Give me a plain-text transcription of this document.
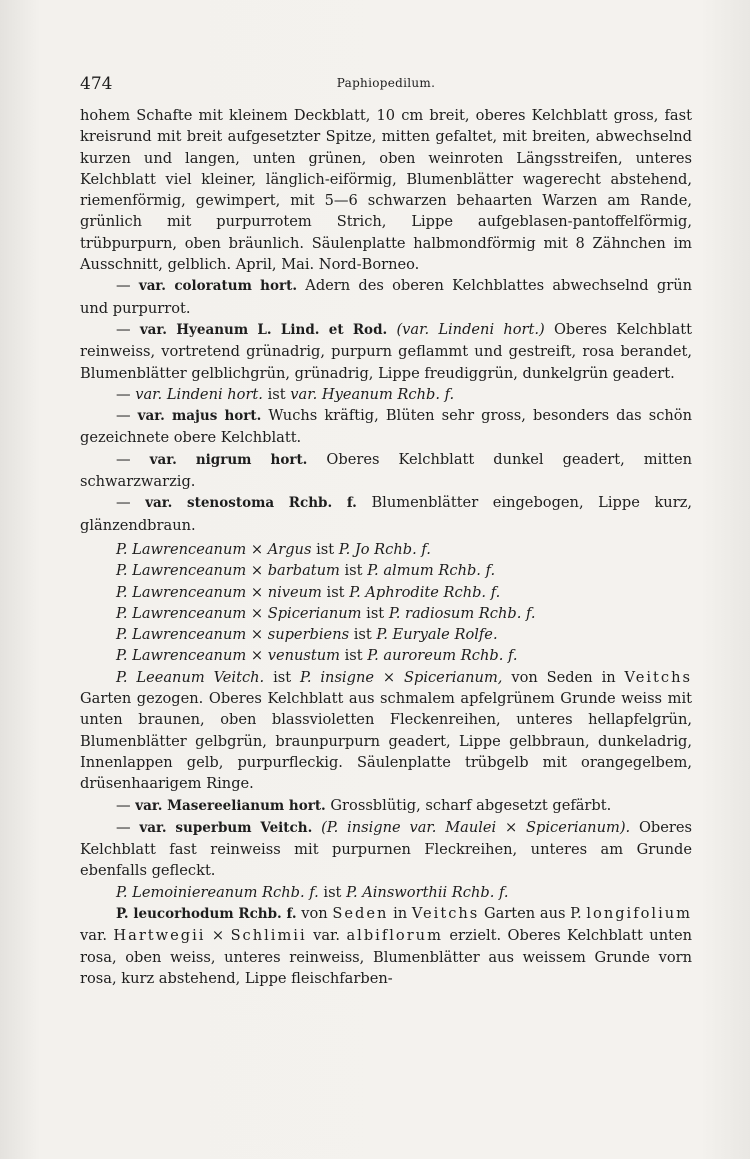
474	Paphiopedilum.

hohem Schafte mit kleinem Deckblatt, 10 cm breit, oberes Kelchblatt gross, fast kreisrund mit breit aufgesetzter Spitze, mitten gefaltet, mit breiten, abwechselnd kurzen und langen, unten grünen, oben weinroten Längsstreifen, unteres Kelchblatt viel kleiner, länglich-eiförmig, Blumenblätter wagerecht abstehend, riemenförmig, gewimpert, mit 5—6 schwarzen behaarten Warzen am Rande, grünlich mit purpurrotem Strich, Lippe aufgeblasen-pantoffelförmig, trübpurpurn, oben bräunlich. Säulenplatte halbmondförmig mit 8 Zähnchen im Ausschnitt, gelblich. April, Mai. Nord-Borneo.

— var. coloratum hort. Adern des oberen Kelchblattes abwechselnd grün und purpurrot.

— var. Hyeanum L. Lind. et Rod. (var. Lindeni hort.) Oberes Kelchblatt reinweiss, vortretend grünadrig, purpurn geflammt und gestreift, rosa berandet, Blumenblätter gelblichgrün, grünadrig, Lippe freudiggrün, dunkelgrün geadert.

— var. Lindeni hort. ist var. Hyeanum Rchb. f.

— var. majus hort. Wuchs kräftig, Blüten sehr gross, besonders das schön gezeichnete obere Kelchblatt.

— var. nigrum hort. Oberes Kelchblatt dunkel geadert, mitten schwarzwarzig.

— var. stenostoma Rchb. f. Blumenblätter eingebogen, Lippe kurz, glänzendbraun.

P. Lawrenceanum × Argus ist P. Jo Rchb. f.

P. Lawrenceanum × barbatum ist P. almum Rchb. f.

P. Lawrenceanum × niveum ist P. Aphrodite Rchb. f.

P. Lawrenceanum × Spicerianum ist P. radiosum Rchb. f.

P. Lawrenceanum × superbiens ist P. Euryale Rolfe.

P. Lawrenceanum × venustum ist P. auroreum Rchb. f.

P. Leeanum Veitch. ist P. insigne × Spicerianum, von Seden in Veitchs Garten gezogen. Oberes Kelchblatt aus schmalem apfelgrünem Grunde weiss mit unten braunen, oben blassvioletten Fleckenreihen, unteres hellapfelgrün, Blumenblätter gelbgrün, braunpurpurn geadert, Lippe gelbbraun, dunkeladrig, Innenlappen gelb, purpurfleckig. Säulenplatte trübgelb mit orangegelbem, drüsenhaarigem Ringe.

— var. Masereelianum hort. Grossblütig, scharf abgesetzt gefärbt.

— var. superbum Veitch. (P. insigne var. Maulei × Spicerianum). Oberes Kelchblatt fast reinweiss mit purpurnen Fleckreihen, unteres am Grunde ebenfalls gefleckt.

P. Lemoiniereanum Rchb. f. ist P. Ainsworthii Rchb. f.

P. leucorhodum Rchb. f. von Seden in Veitchs Garten aus P. longifolium var. Hartwegii × Schlimii var. albiflorum erzielt. Oberes Kelchblatt unten rosa, oben weiss, unteres reinweiss, Blumenblätter aus weissem Grunde vorn rosa, kurz abstehend, Lippe fleischfarben-
